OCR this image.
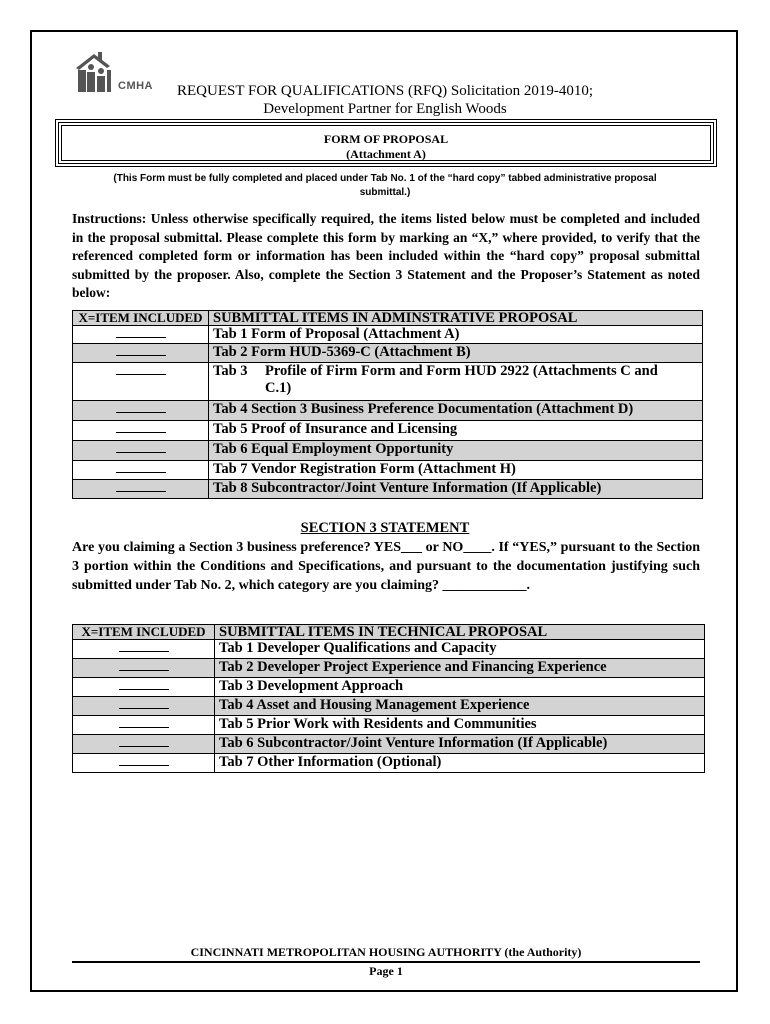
CMHA	REQUEST FOR QUALIFICATIONS (RFQ) Solicitation 2019-4010;
Development Partner for English Woods
FORM OF PROPOSAL
(Attachment A)
(This Form must be fully completed and placed under Tab No. 1 of the “hard copy” tabbed administrative proposal
submittal.)
Instructions: Unless otherwise specifically required, the items listed below must be completed and included in the proposal submittal. Please complete this form by marking an “X,” where provided, to verify that the referenced completed form or information has been included within the “hard copy” proposal submittal submitted by the proposer. Also, complete the Section 3 Statement and the Proposer’s Statement as noted below:
X=ITEM INCLUDED	SUBMITTAL ITEMS IN ADMINSTRATIVE PROPOSAL
	Tab 1 Form of Proposal (Attachment A)
	Tab 2 Form HUD-5369-C (Attachment B)

	Tab 3 Profile of Firm Form and Form HUD 2922 (Attachments C and
C.1)

	Tab 4 Section 3 Business Preference Documentation (Attachment D)
	Tab 5 Proof of Insurance and Licensing
	Tab 6 Equal Employment Opportunity
	Tab 7 Vendor Registration Form (Attachment H)
	Tab 8 Subcontractor/Joint Venture Information (If Applicable)
SECTION 3 STATEMENT
Are you claiming a Section 3 business preference? YES___ or NO____. If “YES,” pursuant to the Section 3 portion within the Conditions and Specifications, and pursuant to the documentation justifying such submitted under Tab No. 2, which category are you claiming? ____________.
X=ITEM INCLUDED	SUBMITTAL ITEMS IN TECHNICAL PROPOSAL
	Tab 1 Developer Qualifications and Capacity
	Tab 2 Developer Project Experience and Financing Experience
	Tab 3 Development Approach
	Tab 4 Asset and Housing Management Experience
	Tab 5 Prior Work with Residents and Communities
	Tab 6 Subcontractor/Joint Venture Information (If Applicable)
	Tab 7 Other Information (Optional)
CINCINNATI METROPOLITAN HOUSING AUTHORITY (the Authority)
Page 1
